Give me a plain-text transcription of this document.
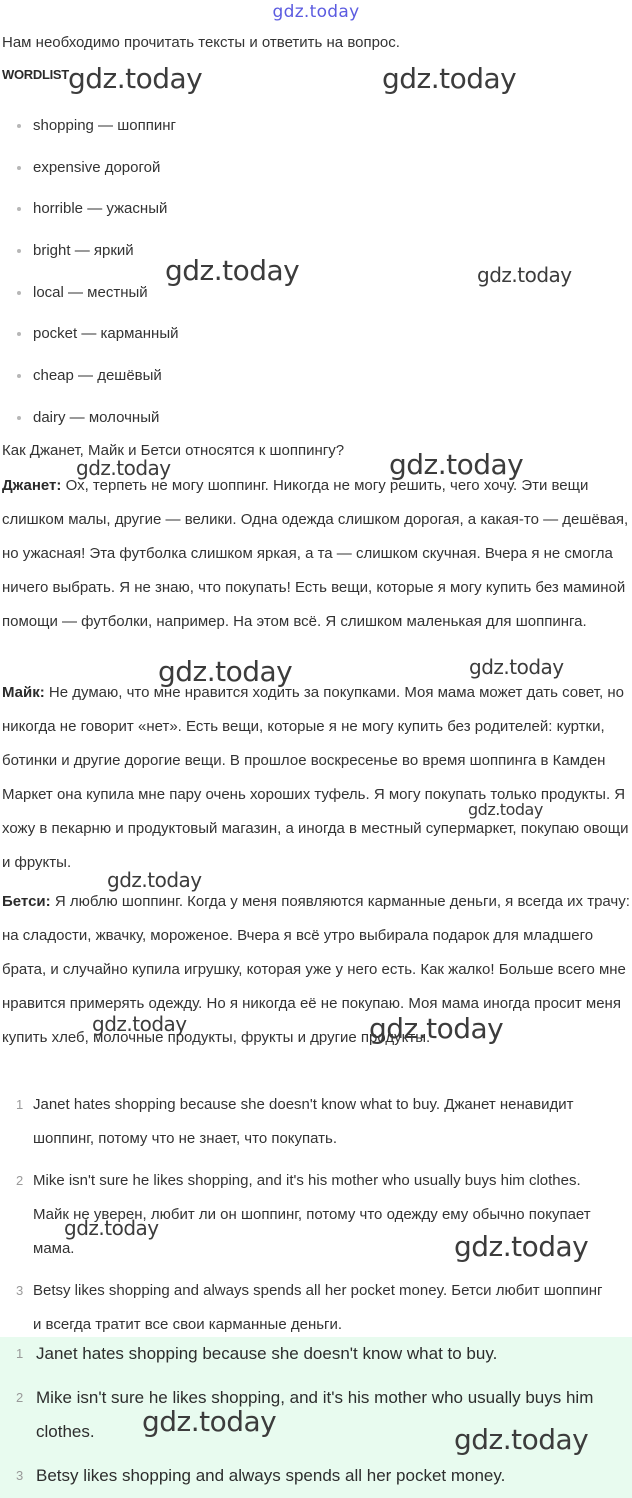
gdz.today
Нам необходимо прочитать тексты и ответить на вопрос.
WORDLIST
shopping — шоппинг
expensive дорогой
horrible — ужасный
bright — яркий
local — местный
pocket — карманный
cheap — дешёвый
dairy — молочный
Как Джанет, Майк и Бетси относятся к шоппингу?

Джанет: Ох, терпеть не могу шоппинг. Никогда не могу решить, чего хочу. Эти вещи слишком малы, другие — велики. Одна одежда слишком дорогая, а какая-то — дешёвая, но ужасная! Эта футболка слишком яркая, а та — слишком скучная. Вчера я не смогла ничего выбрать. Я не знаю, что покупать! Есть вещи, которые я могу купить без маминой помощи — футболки, например. На этом всё. Я слишком маленькая для шоппинга.

Майк: Не думаю, что мне нравится ходить за покупками. Моя мама может дать совет, но никогда не говорит «нет». Есть вещи, которые я не могу купить без родителей: куртки, ботинки и другие дорогие вещи. В прошлое воскресенье во время шоппинга в Камден Маркет она купила мне пару очень хороших туфель. Я могу покупать только продукты. Я хожу в пекарню и продуктовый магазин, а иногда в местный супермаркет, покупаю овощи и фрукты.

Бетси: Я люблю шоппинг. Когда у меня появляются карманные деньги, я всегда их трачу: на сладости, жвачку, мороженое. Вчера я всё утро выбирала подарок для младшего брата, и случайно купила игрушку, которая уже у него есть. Как жалко! Больше всего мне нравится примерять одежду. Но я никогда её не покупаю. Моя мама иногда просит меня купить хлеб, молочные продукты, фрукты и другие продукты.

1 Janet hates shopping because she doesn't know what to buy. Джанет ненавидит шоппинг, потому что не знает, что покупать.
2 Mike isn't sure he likes shopping, and it's his mother who usually buys him clothes. Майк не уверен, любит ли он шоппинг, потому что одежду ему обычно покупает мама.
3 Betsy likes shopping and always spends all her pocket money. Бетси любит шоппинг и всегда тратит все свои карманные деньги.
1 Janet hates shopping because she doesn't know what to buy.
2 Mike isn't sure he likes shopping, and it's his mother who usually buys him clothes.
3 Betsy likes shopping and always spends all her pocket money.
gdz.today	gdz.today
gdz.today	gdz.today
gdz.today	gdz.today
gdz.today	gdz.today
gdz.today
gdz.today
gdz.today	gdz.today
gdz.today
gdz.today
gdz.today
gdz.today
